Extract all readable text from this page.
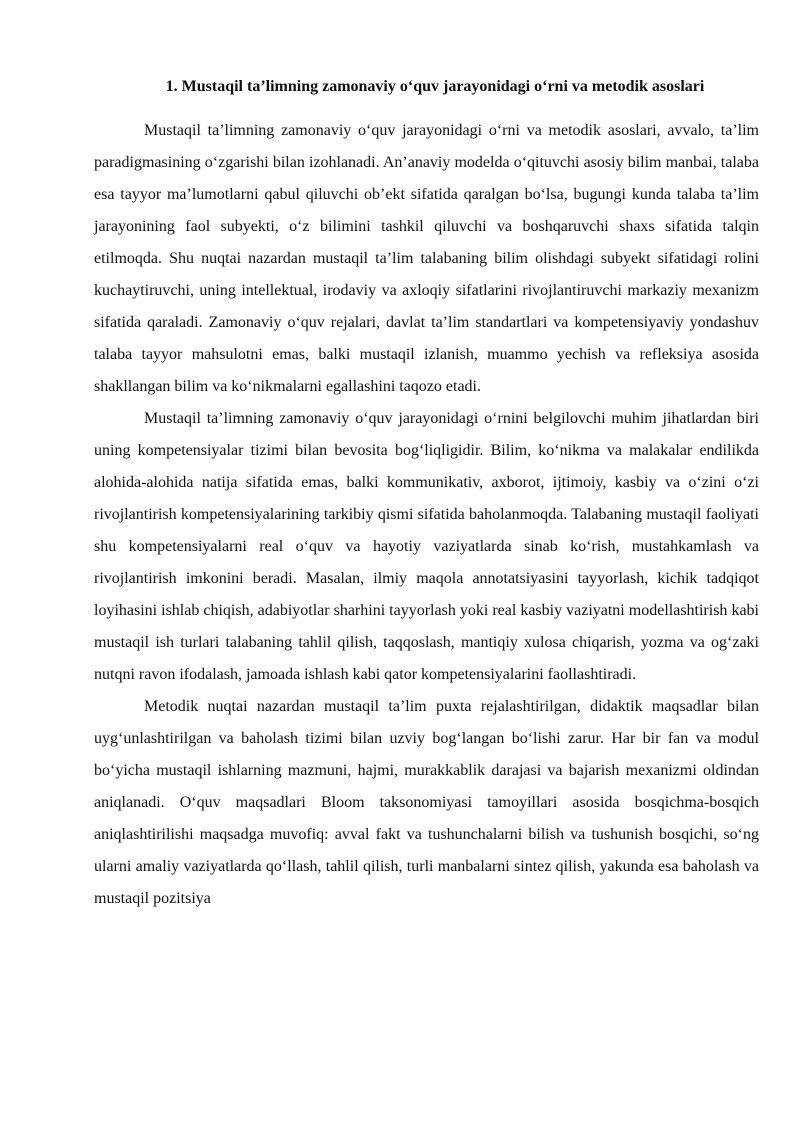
1. Mustaqil ta’limning zamonaviy o‘quv jarayonidagi o‘rni va metodik asoslari

Mustaqil ta’limning zamonaviy o‘quv jarayonidagi o‘rni va metodik asoslari, avvalo, ta’lim paradigmasining o‘zgarishi bilan izohlanadi. An’anaviy modelda o‘qituvchi asosiy bilim manbai, talaba esa tayyor ma’lumotlarni qabul qiluvchi ob’ekt sifatida qaralgan bo‘lsa, bugungi kunda talaba ta’lim jarayonining faol subyekti, o‘z bilimini tashkil qiluvchi va boshqaruvchi shaxs sifatida talqin etilmoqda. Shu nuqtai nazardan mustaqil ta’lim talabaning bilim olishdagi subyekt sifatidagi rolini kuchaytiruvchi, uning intellektual, irodaviy va axloqiy sifatlarini rivojlantiruvchi markaziy mexanizm sifatida qaraladi. Zamonaviy o‘quv rejalari, davlat ta’lim standartlari va kompetensiyaviy yondashuv talaba tayyor mahsulotni emas, balki mustaqil izlanish, muammo yechish va refleksiya asosida shakllangan bilim va ko‘nikmalarni egallashini taqozo etadi.

Mustaqil ta’limning zamonaviy o‘quv jarayonidagi o‘rnini belgilovchi muhim jihatlardan biri uning kompetensiyalar tizimi bilan bevosita bog‘liqligidir. Bilim, ko‘nikma va malakalar endilikda alohida-alohida natija sifatida emas, balki kommunikativ, axborot, ijtimoiy, kasbiy va o‘zini o‘zi rivojlantirish kompetensiyalarining tarkibiy qismi sifatida baholanmoqda. Talabaning mustaqil faoliyati shu kompetensiyalarni real o‘quv va hayotiy vaziyatlarda sinab ko‘rish, mustahkamlash va rivojlantirish imkonini beradi. Masalan, ilmiy maqola annotatsiyasini tayyorlash, kichik tadqiqot loyihasini ishlab chiqish, adabiyotlar sharhini tayyorlash yoki real kasbiy vaziyatni modellashtirish kabi mustaqil ish turlari talabaning tahlil qilish, taqqoslash, mantiqiy xulosa chiqarish, yozma va og‘zaki nutqni ravon ifodalash, jamoada ishlash kabi qator kompetensiyalarini faollashtiradi.

Metodik nuqtai nazardan mustaqil ta’lim puxta rejalashtirilgan, didaktik maqsadlar bilan uyg‘unlashtirilgan va baholash tizimi bilan uzviy bog‘langan bo‘lishi zarur. Har bir fan va modul bo‘yicha mustaqil ishlarning mazmuni, hajmi, murakkablik darajasi va bajarish mexanizmi oldindan aniqlanadi. O‘quv maqsadlari Bloom taksonomiyasi tamoyillari asosida bosqichma-bosqich aniqlashtirilishi maqsadga muvofiq: avval fakt va tushunchalarni bilish va tushunish bosqichi, so‘ng ularni amaliy vaziyatlarda qo‘llash, tahlil qilish, turli manbalarni sintez qilish, yakunda esa baholash va mustaqil pozitsiya
